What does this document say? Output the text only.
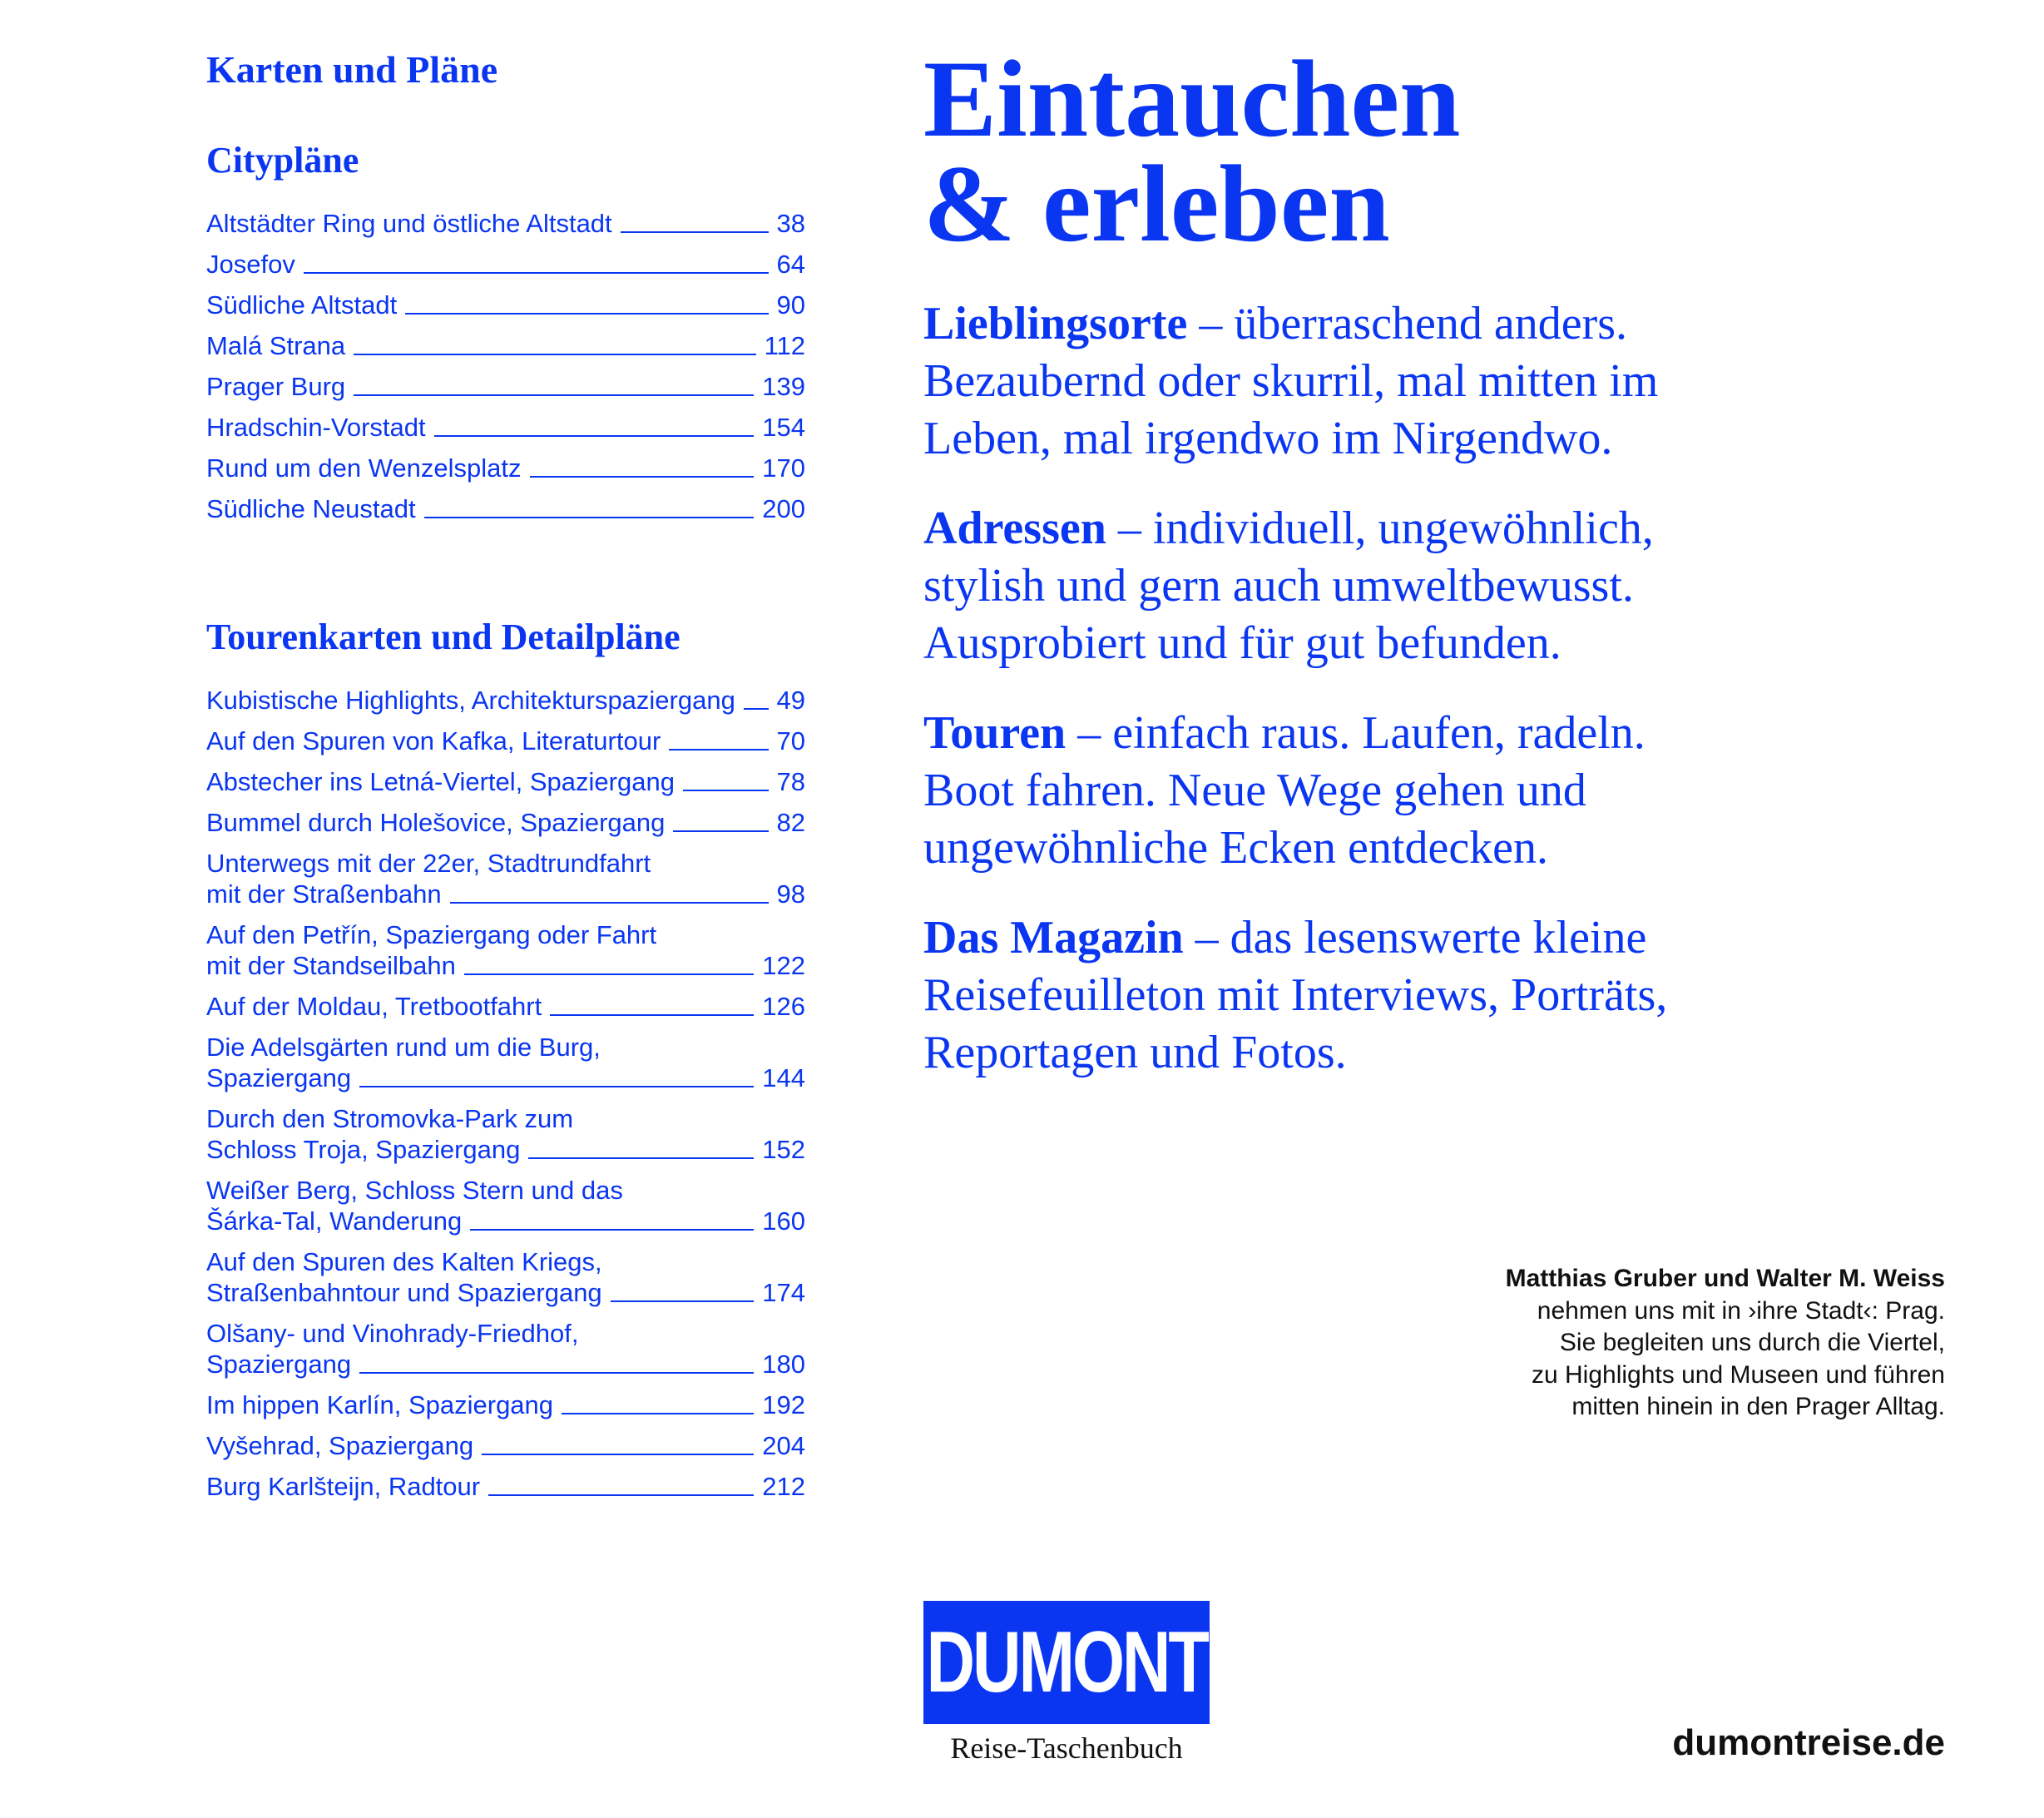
Karten und Pläne
Citypläne
Altstädter Ring und östliche Altstadt	38
Josefov	64
Südliche Altstadt	90
Malá Strana	112
Prager Burg	139
Hradschin-Vorstadt	154
Rund um den Wenzelsplatz	170
Südliche Neustadt	200
Tourenkarten und Detailpläne
Kubistische Highlights, Architekturspaziergang 49
Auf den Spuren von Kafka, Literaturtour	70
Abstecher ins Letná-Viertel, Spaziergang	78
Bummel durch Holešovice, Spaziergang	82
Unterwegs mit der 22er, Stadtrundfahrt
mit der Straßenbahn	98
Auf den Petřín, Spaziergang oder Fahrt
mit der Standseilbahn	122
Auf der Moldau, Tretbootfahrt	126
Die Adelsgärten rund um die Burg,
Spaziergang	144
Durch den Stromovka-Park zum
Schloss Troja, Spaziergang	152
Weißer Berg, Schloss Stern und das
Šárka-Tal, Wanderung	160
Auf den Spuren des Kalten Kriegs,
Straßenbahntour und Spaziergang	174
Olšany- und Vinohrady-Friedhof,
Spaziergang	180
Im hippen Karlín, Spaziergang	192
Vyšehrad, Spaziergang	204
Burg Karlšteijn, Radtour	212
Eintauchen
& erleben

Lieblingsorte – überraschend anders.
Bezaubernd oder skurril, mal mitten im
Leben, mal irgendwo im Nirgendwo.

Adressen – individuell, ungewöhnlich,
stylish und gern auch umweltbewusst.
Ausprobiert und für gut befunden.

Touren – einfach raus. Laufen, radeln.
Boot fahren. Neue Wege gehen und
ungewöhnliche Ecken entdecken.

Das Magazin – das lesenswerte kleine
Reisefeuilleton mit Interviews, Porträts,
Reportagen und Fotos.

Matthias Gruber und Walter M. Weiss
nehmen uns mit in ›ihre Stadt‹: Prag.
Sie begleiten uns durch die Viertel,
zu Highlights und Museen und führen
mitten hinein in den Prager Alltag.
DUMONT
Reise-Taschenbuch	dumontreise.de
